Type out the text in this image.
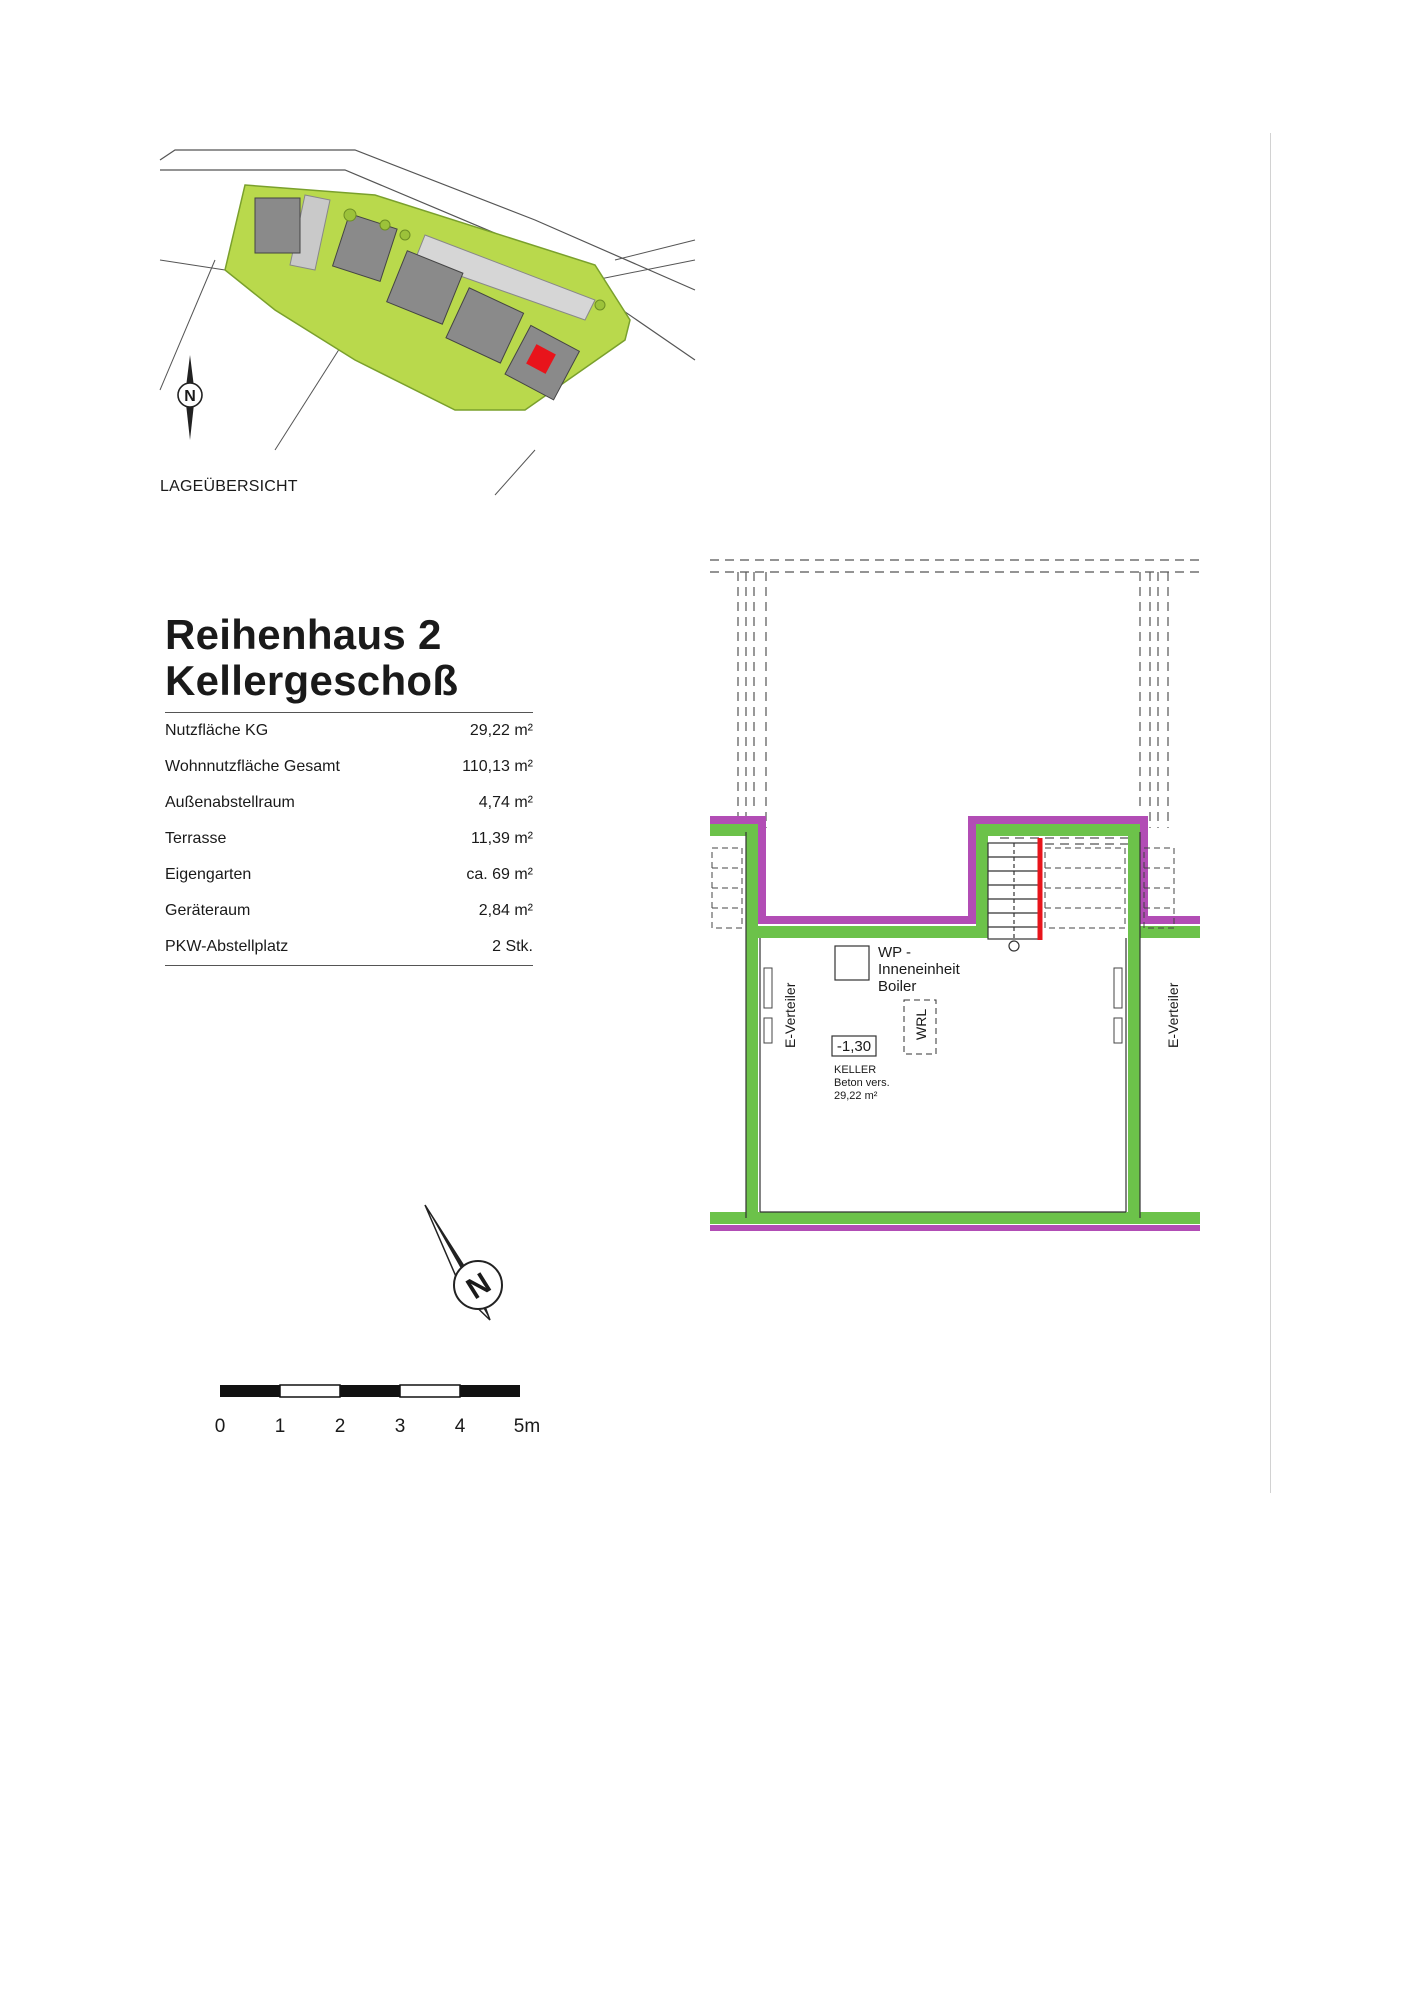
N
LAGEÜBERSICHT
Reihenhaus 2
Kellergeschoß
Nutzfläche KG	29,22 m²
Wohnnutzfläche Gesamt	110,13 m²
Außenabstellraum	4,74 m²
Terrasse	11,39 m²
Eigengarten	ca. 69 m²
Geräteraum	2,84 m²
PKW-Abstellplatz	2 Stk.
N
0	1	2	3	4	5m
E-Verteiler	E-Verteiler
WP -
Inneneinheit
Boiler
WRL
-1,30
KELLER
Beton vers.
29,22 m²
